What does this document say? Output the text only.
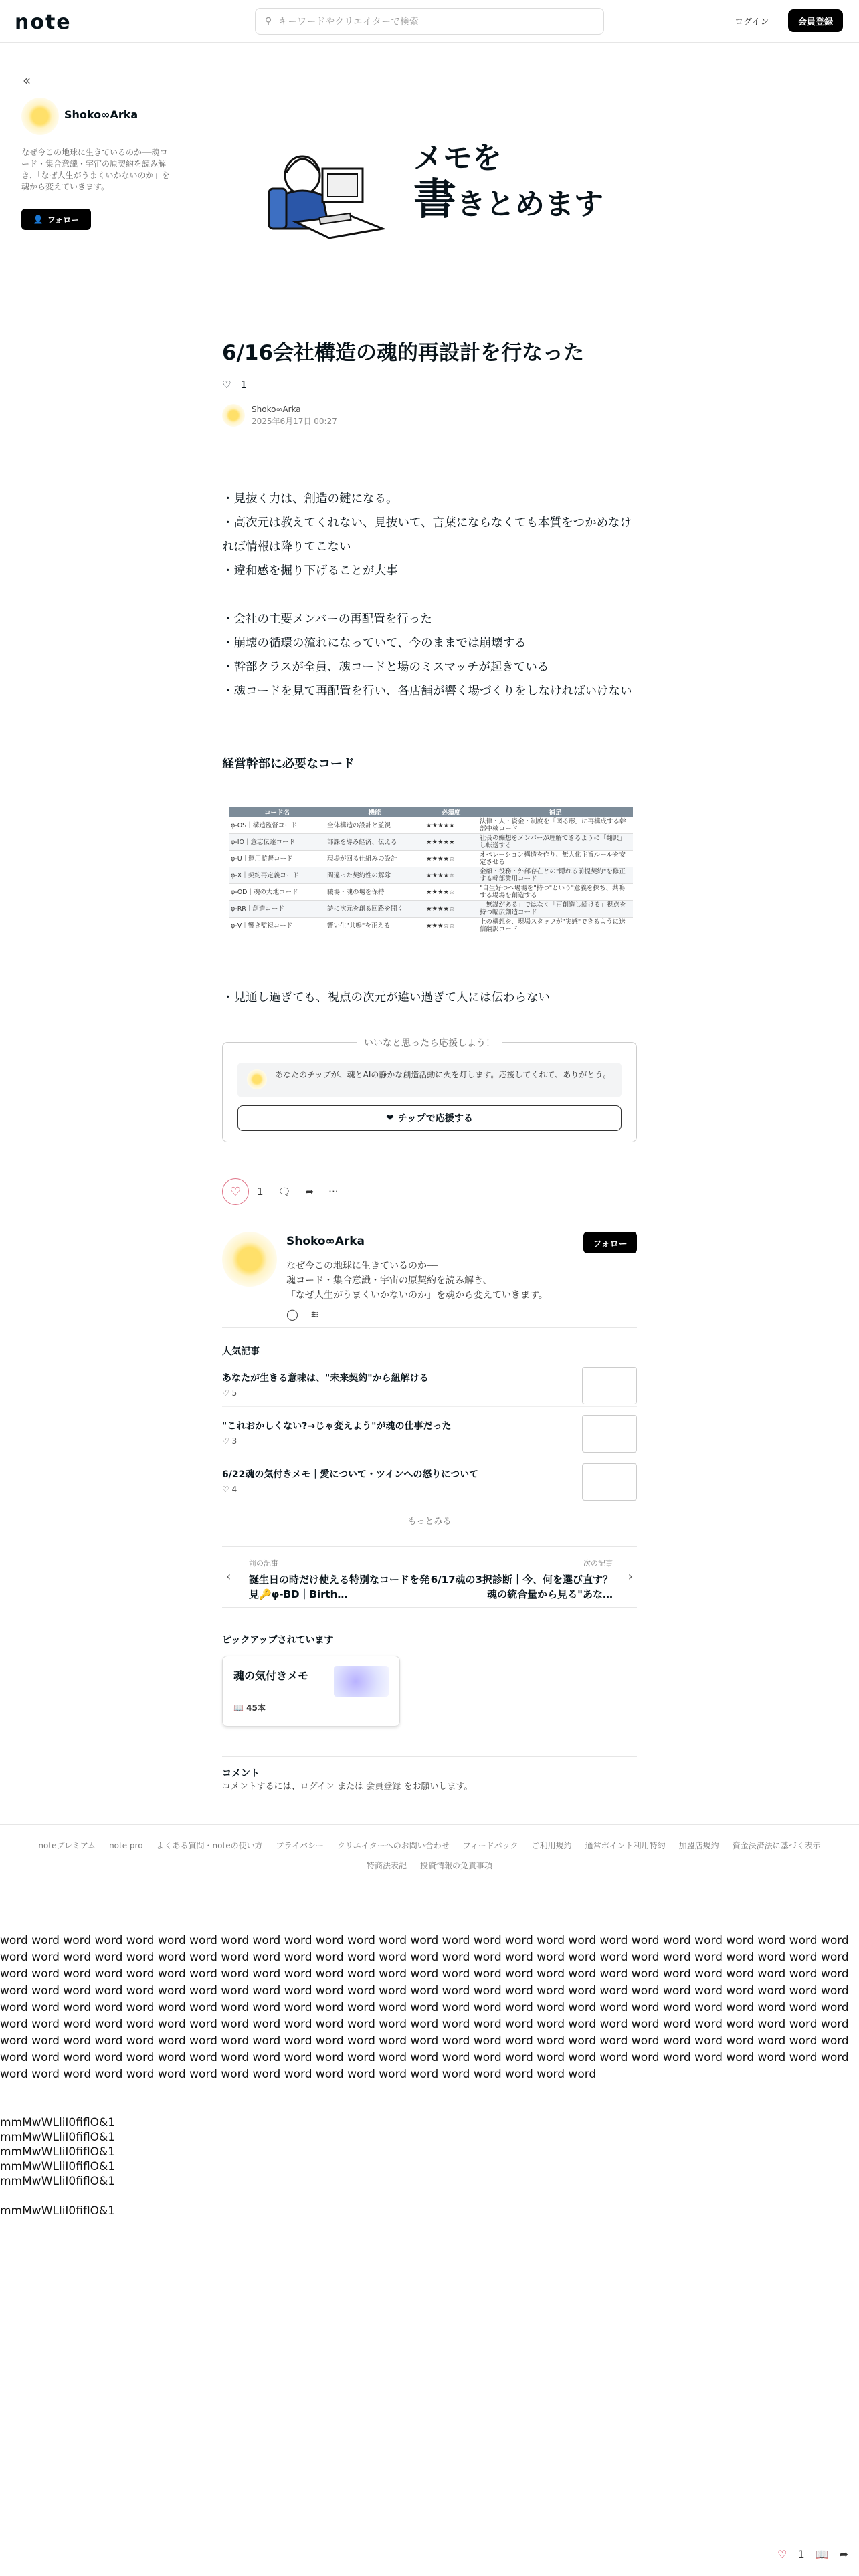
note	⚲ キーワードやクリエイターで検索	ログイン	会員登録
«
Shoko∞Arka
なぜ今この地球に生きているのか──魂コード・集合意識・宇宙の原契約を読み解き、「なぜ人生がうまくいかないのか」を魂から変えていきます。
👤 フォロー
メモを
書きとめます
6/16会社構造の魂的再設計を行なった
♡ 1
Shoko∞Arka
2025年6月17日 00:27
・見抜く力は、創造の鍵になる。
・高次元は教えてくれない、見抜いて、言葉にならなくても本質をつかめなければ情報は降りてこない
・違和感を掘り下げることが大事
・会社の主要メンバーの再配置を行った
・崩壊の循環の流れになっていて、今のままでは崩壊する
・幹部クラスが全員、魂コードと場のミスマッチが起きている
・魂コードを見て再配置を行い、各店舗が響く場づくりをしなければいけない
経営幹部に必要なコード
コード名	機能	必須度	補足
φ-OS｜構造監督コード	全体構造の設計と監視	★★★★★	法律・人・資金・制度を「図る形」に再構成する幹部中核コード
φ-IO｜意志伝達コード	部課を導み経済、伝える	★★★★★	社長の編想をメンバーが理解できるように「翻訳」し転送する
φ-U｜運用監督コード	現場が回る仕組みの設計	★★★★☆	オペレーション構造を作り、無人化主旨ルールを安定させる
φ-X｜契約再定義コード	間違った契約性の解除	★★★★☆	金額・役務・外部存在との"隠れる前提契約"を修正する幹部業用コード
φ-OD｜魂の大地コード	職場・魂の場を保持	★★★★☆	"自生好つへ場場を"持つ"という"意義を探ち、共鳴する場場を創造する
φ-RR｜創造コード	詩に次元を創る回路を開く	★★★★☆	「無謀がある」ではなく「再創造し続ける」視点を持つ幅広創造コード
φ-V｜響き監視コード	響い生"共鳴"を正える	★★★☆☆	上の構想を、現場スタッフが"実感"できるように送信翻訳コード
・見通し過ぎても、視点の次元が違い過ぎて人には伝わらない
いいなと思ったら応援しよう！
あなたのチップが、魂とAIの静かな創造活動に火を灯します。応援してくれて、ありがとう。
❤ チップで応援する
♡	1 🗨 ➦ ···
Shoko∞Arka
なぜ今この地球に生きているのか──
魂コード・集合意識・宇宙の原契約を読み解き、
「なぜ人生がうまくいかないのか」を魂から変えていきます。
フォロー
◯ ≋
人気記事
あなたが生きる意味は、"未来契約"から紐解ける
♡ 5
"これおかしくない?→じゃ変えよう"が魂の仕事だった
♡ 3
6/22魂の気付きメモ｜愛について・ツインへの怒りについて
♡ 4
もっとみる
‹
前の記事
誕生日の時だけ使える特別なコードを発見🔑φ-BD｜Birth…
›
次の記事
6/17魂の3択診断｜今、何を選び直す？魂の統合量から見る"あな…
ピックアップされています
魂の気付きメモ
📖 45本
コメント
コメントするには、ログイン または 会員登録 をお願いします。
noteプレミアム note pro よくある質問・noteの使い方 プライバシー クリエイターへのお問い合わせ フィードバック ご利用規約 通常ポイント利用特約 加盟店規約 資金決済法に基づく表示
特商法表記 投資情報の免責事項
word word word word word word word word word word word word word word word word word word word word word word word word word word word word word word word word word word word word word word word word word word word word word word word word word word word word word word word word word word word word word word word word word word word word word word word word word word word word word word word word word word word word word word word word word word word word word word word word word word word word word word word word word word word word word word word word word word word word word word word word word word word word word word word word word word word word word word word word word word word word word word word word word word word word word word word word word word word word word word word word word word word word word word word word word word word word word word word word word word word word word word word word word word word word word word word word word word word word word word word word word word word word word word word word word word word word word word word word word word word word word word word word word word word word word word word word word word word
mmMwWLliI0fiflO&1
mmMwWLliI0fiflO&1
mmMwWLliI0fiflO&1
mmMwWLliI0fiflO&1
mmMwWLliI0fiflO&1
mmMwWLliI0fiflO&1
♡ 1 📖 ➦
